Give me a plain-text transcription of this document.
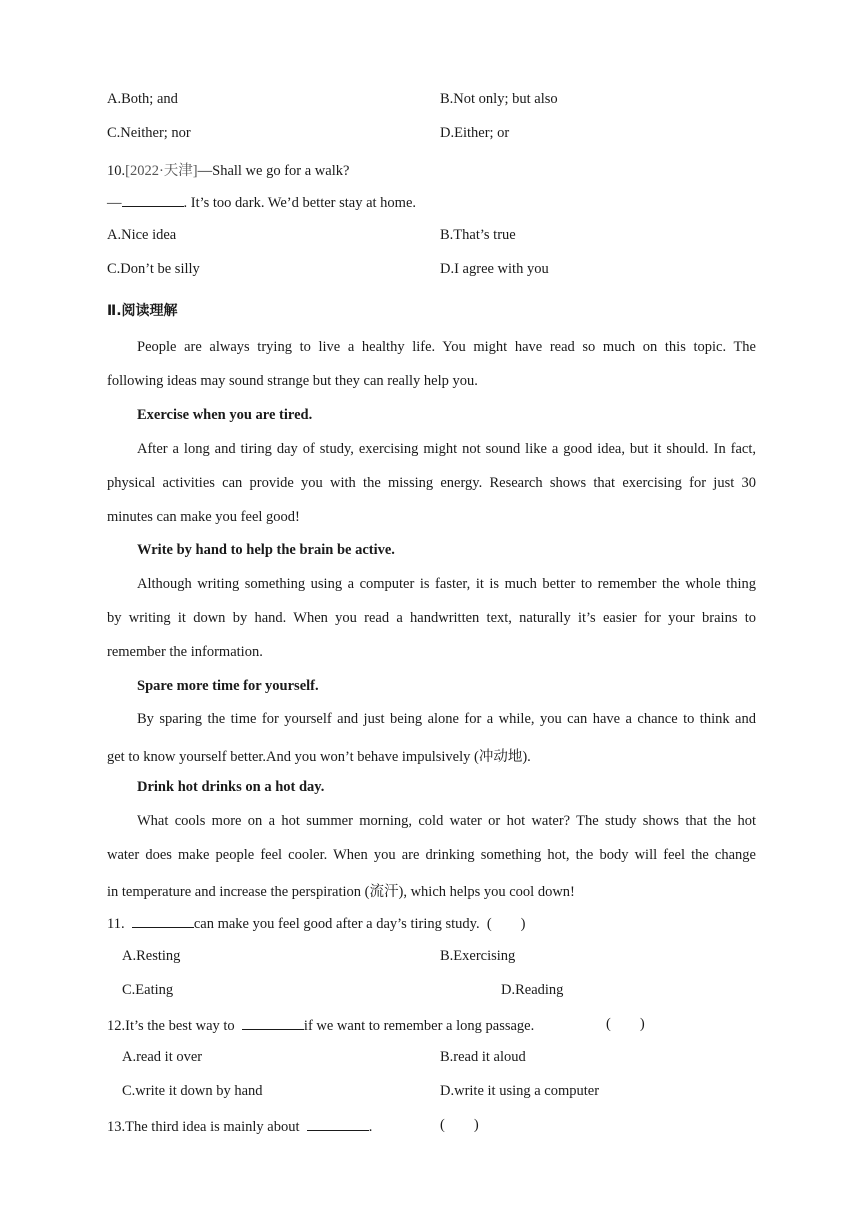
A.Both; and	B.Not only; but also
C.Neither; nor	D.Either; or
10.[2022·天津]—Shall we go for a walk?
—	. It’s too dark. We’d better stay at home.
A.Nice idea	B.That’s true
C.Don’t be silly	D.I agree with you
Ⅱ.阅读理解
People are always trying to live a healthy life. You might have read so much on this topic. The
following ideas may sound strange but they can really help you.
Exercise when you are tired.
After a long and tiring day of study, exercising might not sound like a good idea, but it should. In fact,
physical activities can provide you with the missing energy. Research shows that exercising for just 30
minutes can make you feel good!
Write by hand to help the brain be active.
Although writing something using a computer is faster, it is much better to remember the whole thing
by writing it down by hand. When you read a handwritten text, naturally it’s easier for your brains to
remember the information.
Spare more time for yourself.
By sparing the time for yourself and just being alone for a while, you can have a chance to think and
get to know yourself better.And you won’t behave impulsively (冲动地).
Drink hot drinks on a hot day.
What cools more on a hot summer morning, cold water or hot water? The study shows that the hot
water does make people feel cooler. When you are drinking something hot, the body will feel the change
in temperature and increase the perspiration (流汗), which helps you cool down!
11.	can make you feel good after a day’s tiring study. (        )
A.Resting	B.Exercising
C.Eating	D.Reading
12.It’s the best way to	if we want to remember a long passage.	(        )
A.read it over	B.read it aloud
C.write it down by hand	D.write it using a computer
13.The third idea is mainly about	.	(        )
